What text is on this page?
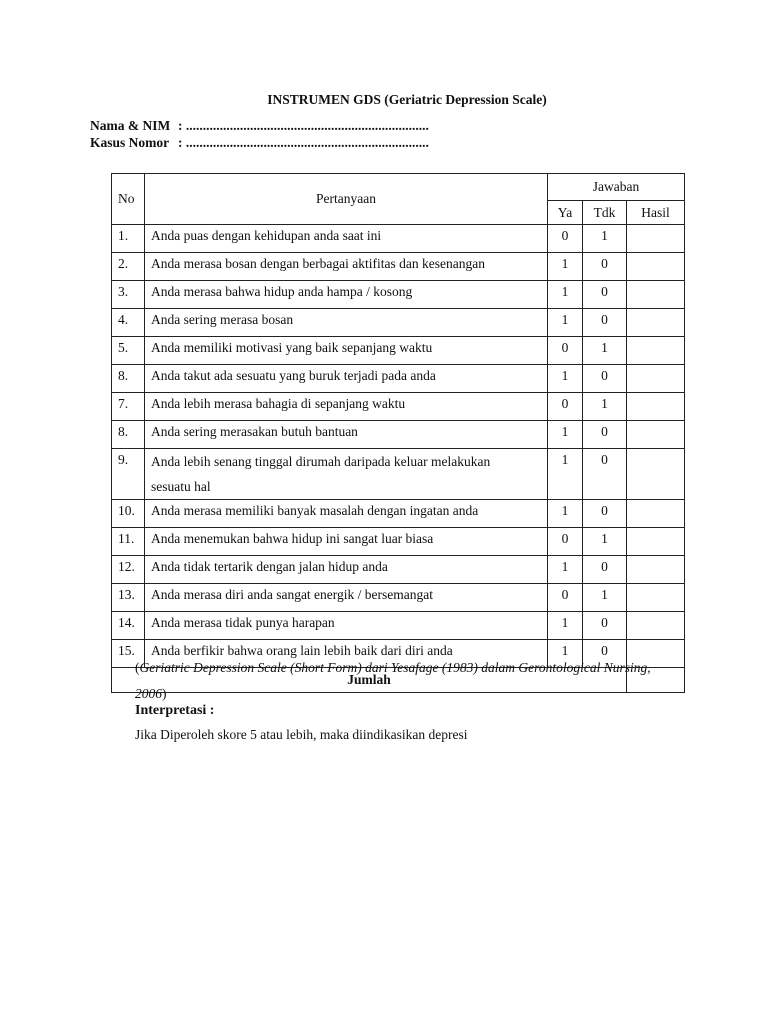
INSTRUMEN GDS (Geriatric Depression Scale)
Nama & NIM : ........................................................................
Kasus Nomor : ........................................................................
No	Pertanyaan	Jawaban		
		Ya	Tdk	Hasil
1.	Anda puas dengan kehidupan anda saat ini	0	1	
2.	Anda merasa bosan dengan berbagai aktifitas dan kesenangan	1	0	
3.	Anda merasa bahwa hidup anda hampa / kosong	1	0	
4.	Anda sering merasa bosan	1	0	
5.	Anda memiliki motivasi yang baik sepanjang waktu	0	1	
8.	Anda takut ada sesuatu yang buruk terjadi pada anda	1	0	
7.	Anda lebih merasa bahagia di sepanjang waktu	0	1	
8.	Anda sering merasakan butuh bantuan	1	0	
9.	Anda lebih senang tinggal dirumah daripada keluar melakukan
sesuatu hal	1	0	
10.	Anda merasa memiliki banyak masalah dengan ingatan anda	1	0	
11.	Anda menemukan bahwa hidup ini sangat luar biasa	0	1	
12.	Anda tidak tertarik dengan jalan hidup anda	1	0	
13.	Anda merasa diri anda sangat energik / bersemangat	0	1	
14.	Anda merasa tidak punya harapan	1	0	
15.	Anda berfikir bahwa orang lain lebih baik dari diri anda	1	0	
Jumlah				
(Geriatric Depression Scale (Short Form) dari Yesafage (1983) dalam Gerontological Nursing, 2006)
Interpretasi :
Jika Diperoleh skore 5 atau lebih, maka diindikasikan depresi
